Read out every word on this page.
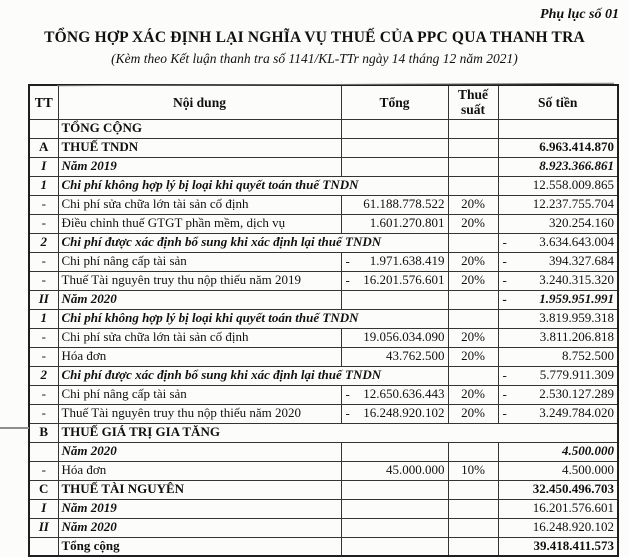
Phụ lục số 01
TỔNG HỢP XÁC ĐỊNH LẠI NGHĨA VỤ THUẾ CỦA PPC QUA THANH TRA
(Kèm theo Kết luận thanh tra số 1141/KL-TTr ngày 14 tháng 12 năm 2021)
TT	Nội dung	Tổng	Thuế suất	Số tiền
	TỔNG CỘNG			
A	THUẾ TNDN			6.963.414.870
I	Năm 2019			8.923.366.861
1	Chi phí không hợp lý bị loại khi quyết toán thuế TNDN			12.558.009.865
-	Chi phí sửa chữa lớn tài sản cố định	61.188.778.522	20%	12.237.755.704
-	Điều chỉnh thuế GTGT phần mềm, dịch vụ	1.601.270.801	20%	320.254.160
2	Chi phí được xác định bổ sung khi xác định lại thuế TNDN			- 3.634.643.004
-	Chi phí nâng cấp tài sản	- 1.971.638.419	20%	- 394.327.684
-	Thuế Tài nguyên truy thu nộp thiếu năm 2019	- 16.201.576.601	20%	- 3.240.315.320
II	Năm 2020			- 1.959.951.991
1	Chi phí không hợp lý bị loại khi quyết toán thuế TNDN			3.819.959.318
-	Chi phí sửa chữa lớn tài sản cố định	19.056.034.090	20%	3.811.206.818
-	Hóa đơn	43.762.500	20%	8.752.500
2	Chi phí được xác định bổ sung khi xác định lại thuế TNDN			- 5.779.911.309
-	Chi phí nâng cấp tài sản	- 12.650.636.443	20%	- 2.530.127.289
-	Thuế Tài nguyên truy thu nộp thiếu năm 2020	- 16.248.920.102	20%	- 3.249.784.020
B	THUẾ GIÁ TRỊ GIA TĂNG			
	Năm 2020			4.500.000
-	Hóa đơn	45.000.000	10%	4.500.000
C	THUẾ TÀI NGUYÊN			32.450.496.703
I	Năm 2019			16.201.576.601
II	Năm 2020			16.248.920.102
	Tổng cộng			39.418.411.573
